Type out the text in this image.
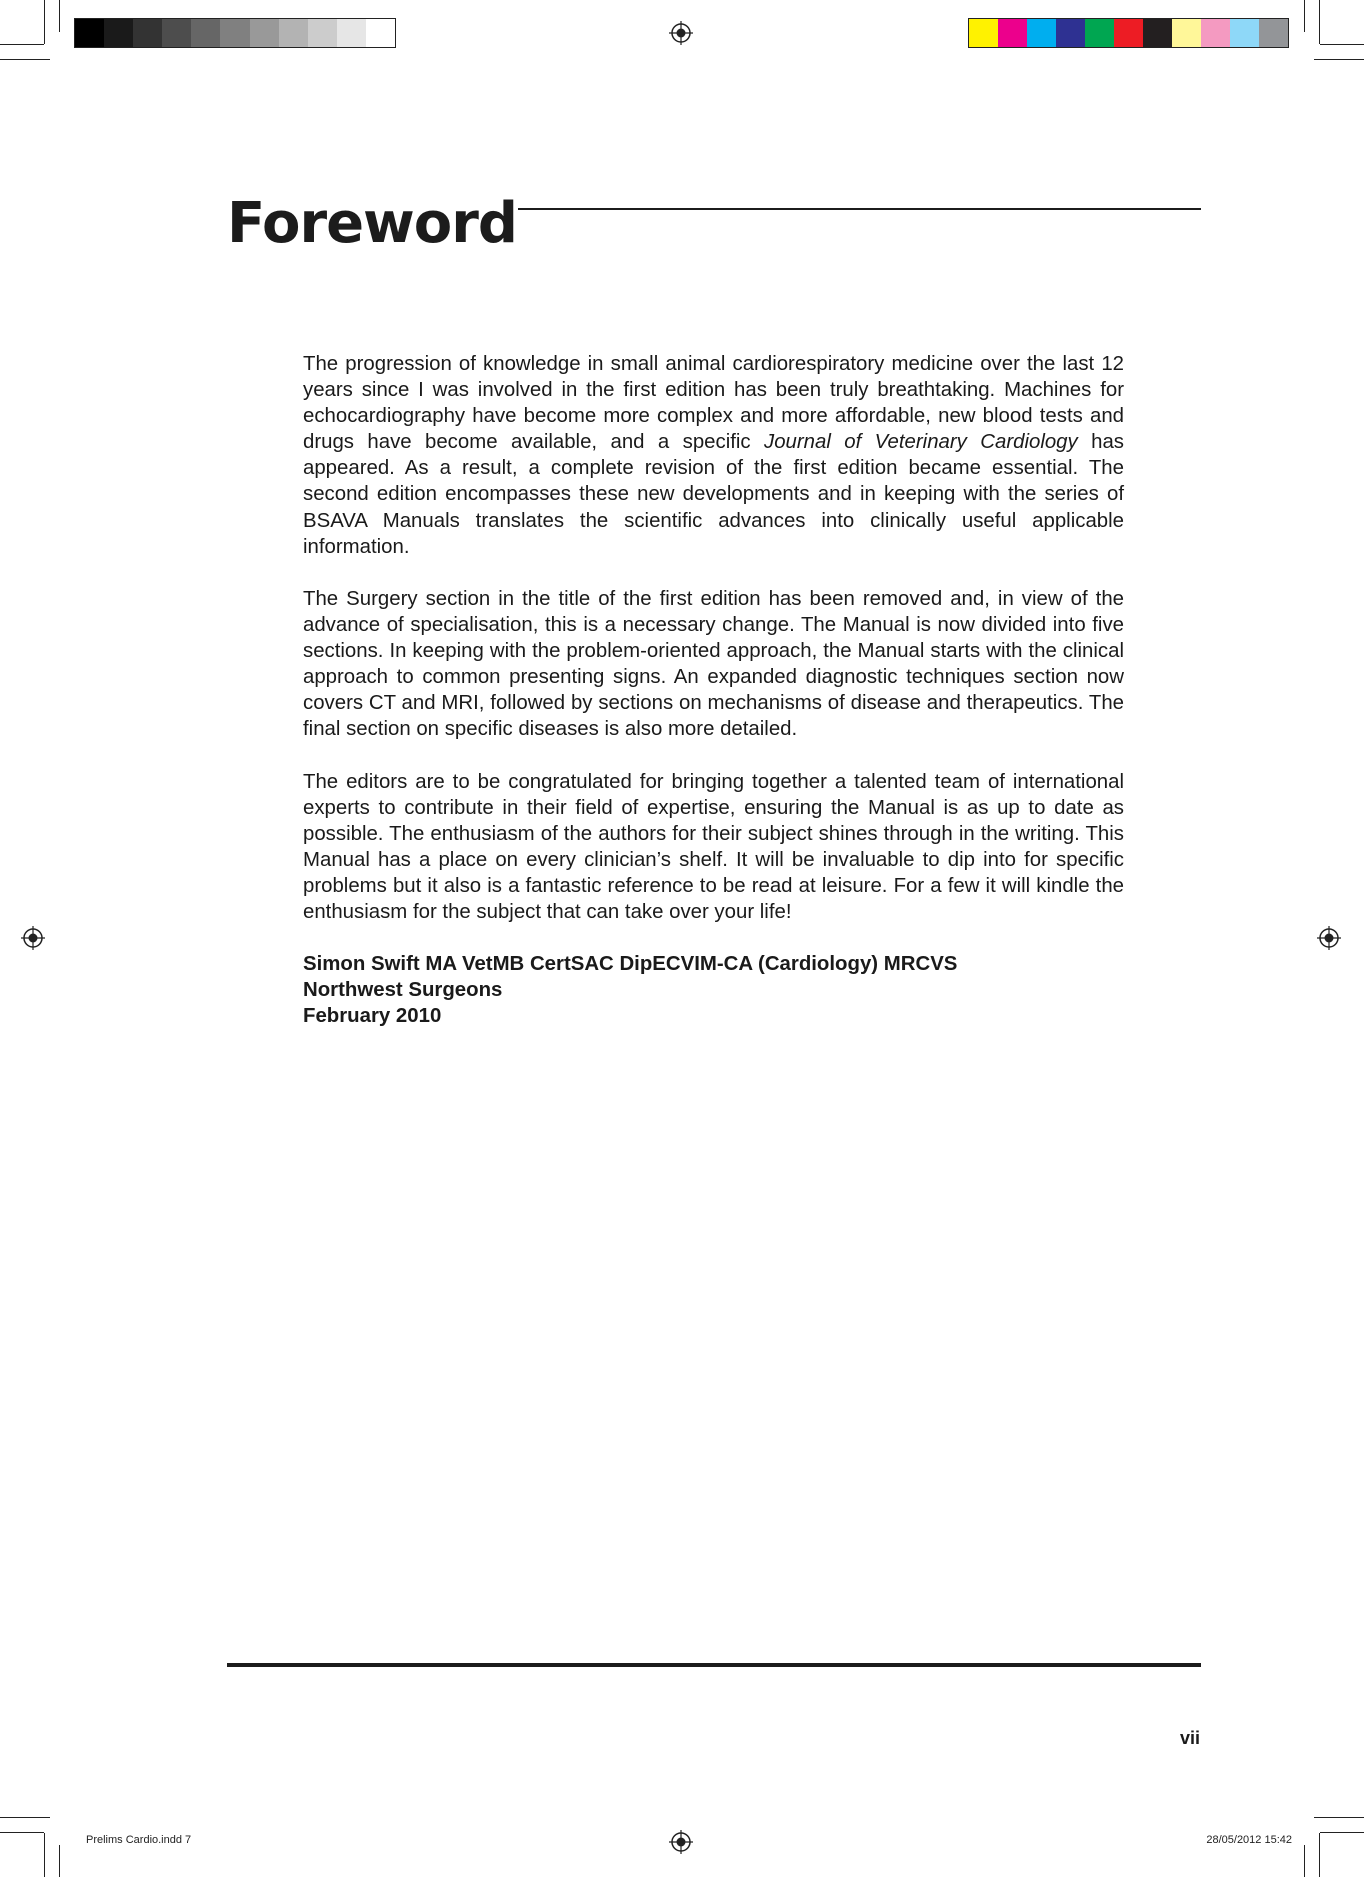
Foreword

The progression of knowledge in small animal cardiorespiratory medicine over the last 12 years since I was involved in the first edition has been truly breathtaking. Machines for echocardiography have become more complex and more affordable, new blood tests and drugs have become available, and a specific Journal of Veterinary Cardiology has appeared. As a result, a complete revision of the first edition became essential. The second edition encompasses these new developments and in keeping with the series of BSAVA Manuals translates the scientific advances into clinically useful applicable information.

The Surgery section in the title of the first edition has been removed and, in view of the advance of specialisation, this is a necessary change. The Manual is now divided into five sections. In keeping with the problem-oriented approach, the Manual starts with the clinical approach to common presenting signs. An expanded diagnostic techniques section now covers CT and MRI, followed by sections on mechanisms of disease and therapeutics. The final section on specific diseases is also more detailed.

The editors are to be congratulated for bringing together a talented team of international experts to contribute in their field of expertise, ensuring the Manual is as up to date as possible. The enthusiasm of the authors for their subject shines through in the writing. This Manual has a place on every clinician’s shelf. It will be invaluable to dip into for specific problems but it also is a fantastic reference to be read at leisure. For a few it will kindle the enthusiasm for the subject that can take over your life!

Simon Swift MA VetMB CertSAC DipECVIM-CA (Cardiology) MRCVS
Northwest Surgeons
February 2010
vii
Prelims Cardio.indd 7	28/05/2012 15:42
